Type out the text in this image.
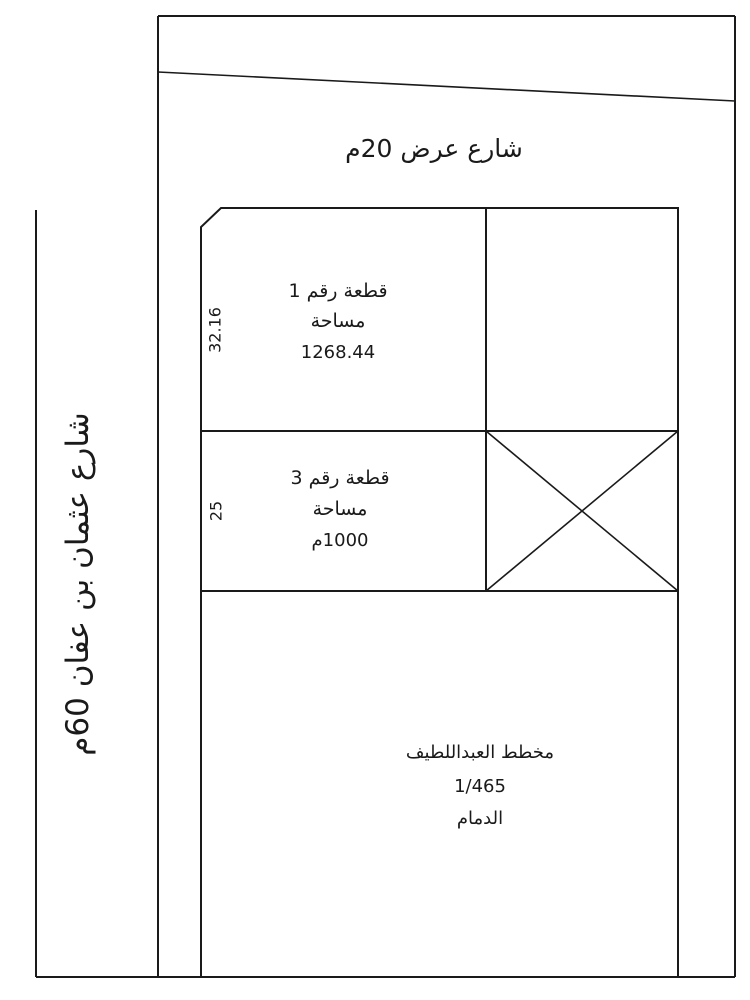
شارع عرض 20م
شارع عثمان بن عفان 60م
قطعة رقم 1
مساحة
1268.44
32.16
قطعة رقم 3
مساحة
1000م
25
مخطط العبداللطيف
1/465
الدمام
